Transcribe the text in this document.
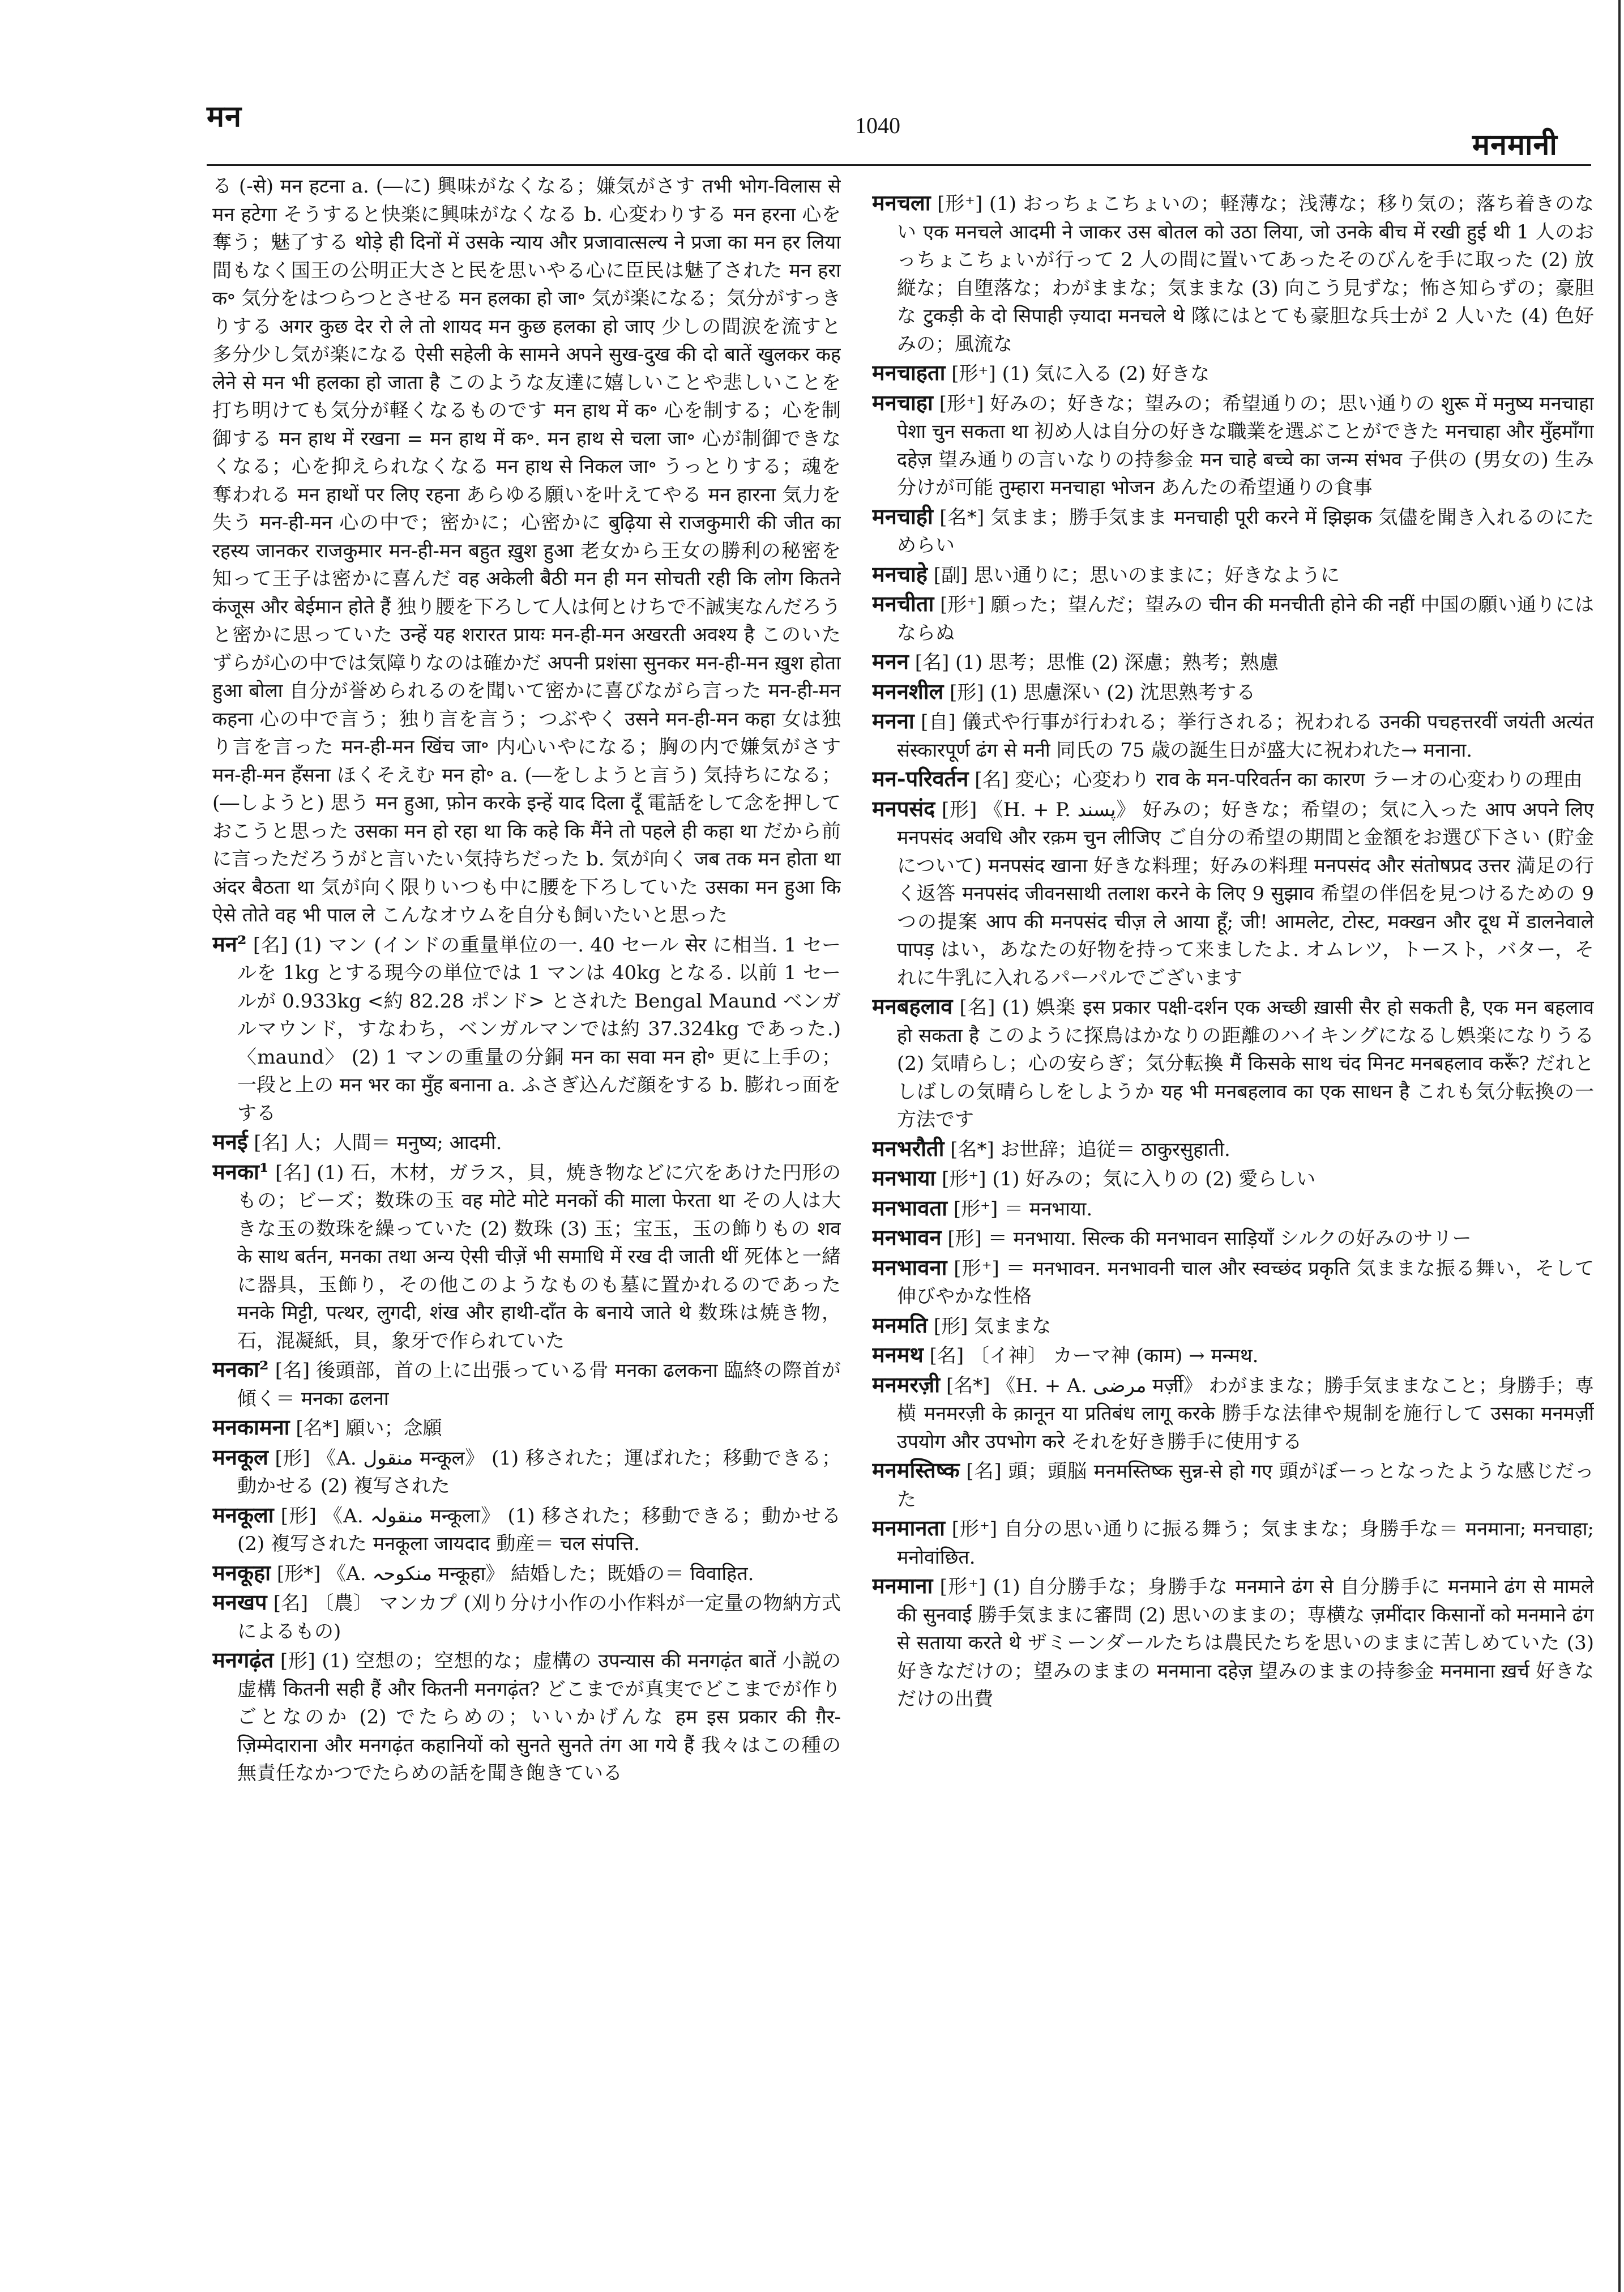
मन	1040
मनमानी

る (-से) मन हटना a. (―に) 興味がなくなる；嫌気がさす तभी भोग-विलास से मन हटेगा そうすると快楽に興味がなくなる b. 心変わりする मन हरना 心を奪う；魅了する थोड़े ही दिनों में उसके न्याय और प्रजावात्सल्य ने प्रजा का मन हर लिया 間もなく国王の公明正大さと民を思いやる心に臣民は魅了された मन हरा क॰ 気分をはつらつとさせる मन हलका हो जा॰ 気が楽になる；気分がすっきりする अगर कुछ देर रो ले तो शायद मन कुछ हलका हो जाए 少しの間涙を流すと多分少し気が楽になる ऐसी सहेली के सामने अपने सुख-दुख की दो बातें खुलकर कह लेने से मन भी हलका हो जाता है このような友達に嬉しいことや悲しいことを打ち明けても気分が軽くなるものです मन हाथ में क॰ 心を制する；心を制御する मन हाथ में रखना = मन हाथ में क॰. मन हाथ से चला जा॰ 心が制御できなくなる；心を抑えられなくなる मन हाथ से निकल जा॰ うっとりする；魂を奪われる मन हाथों पर लिए रहना あらゆる願いを叶えてやる मन हारना 気力を失う मन-ही-मन 心の中で；密かに；心密かに बुढ़िया से राजकुमारी की जीत का रहस्य जानकर राजकुमार मन-ही-मन बहुत ख़ुश हुआ 老女から王女の勝利の秘密を知って王子は密かに喜んだ वह अकेली बैठी मन ही मन सोचती रही कि लोग कितने कंजूस और बेईमान होते हैं 独り腰を下ろして人は何とけちで不誠実なんだろうと密かに思っていた उन्हें यह शरारत प्रायः मन-ही-मन अखरती अवश्य है このいたずらが心の中では気障りなのは確かだ अपनी प्रशंसा सुनकर मन-ही-मन ख़ुश होता हुआ बोला 自分が誉められるのを聞いて密かに喜びながら言った मन-ही-मन कहना 心の中で言う；独り言を言う；つぶやく उसने मन-ही-मन कहा 女は独り言を言った मन-ही-मन खिंच जा॰ 内心いやになる；胸の内で嫌気がさす मन-ही-मन हँसना ほくそえむ मन हो॰ a. (―をしようと言う) 気持ちになる；(―しようと) 思う मन हुआ, फ़ोन करके इन्हें याद दिला दूँ 電話をして念を押しておこうと思った उसका मन हो रहा था कि कहे कि मैंने तो पहले ही कहा था だから前に言っただろうがと言いたい気持ちだった b. 気が向く जब तक मन होता था अंदर बैठता था 気が向く限りいつも中に腰を下ろしていた उसका मन हुआ कि ऐसे तोते वह भी पाल ले こんなオウムを自分も飼いたいと思った

मन² [名] (1) マン (インドの重量単位の一. 40 セール सेर に相当. 1 セールを 1kg とする現今の単位では 1 マンは 40kg となる. 以前 1 セールが 0.933kg <約 82.28 ポンド> とされた Bengal Maund ベンガルマウンド，すなわち，ベンガルマンでは約 37.324kg であった.) 〈maund〉 (2) 1 マンの重量の分銅 मन का सवा मन हो॰ 更に上手の；一段と上の मन भर का मुँह बनाना a. ふさぎ込んだ顔をする b. 膨れっ面をする

मनई [名] 人；人間＝ मनुष्य; आदमी.

मनका¹ [名] (1) 石，木材，ガラス，貝，焼き物などに穴をあけた円形のもの；ビーズ；数珠の玉 वह मोटे मोटे मनकों की माला फेरता था その人は大きな玉の数珠を繰っていた (2) 数珠 (3) 玉；宝玉，玉の飾りもの शव के साथ बर्तन, मनका तथा अन्य ऐसी चीज़ें भी समाधि में रख दी जाती थीं 死体と一緒に器具，玉飾り，その他このようなものも墓に置かれるのであった मनके मिट्टी, पत्थर, लुगदी, शंख और हाथी-दाँत के बनाये जाते थे 数珠は焼き物，石，混凝紙，貝，象牙で作られていた

मनका² [名] 後頭部，首の上に出張っている骨 मनका ढलकना 臨終の際首が傾く＝ मनका ढलना

मनकामना [名*] 願い；念願

मनकूल [形] 《A. منقول मन्कूल》 (1) 移された；運ばれた；移動できる；動かせる (2) 複写された

मनकूला [形] 《A. منقولہ मन्कूला》 (1) 移された；移動できる；動かせる (2) 複写された मनकूला जायदाद 動産＝ चल संपत्ति.

मनकूहा [形*] 《A. منکوحہ मन्कूहा》 結婚した；既婚の＝ विवाहित.

मनखप [名] 〔農〕 マンカプ (刈り分け小作の小作料が一定量の物納方式によるもの)

मनगढ़ंत [形] (1) 空想の；空想的な；虚構の उपन्यास की मनगढ़ंत बातें 小説の虚構 कितनी सही हैं और कितनी मनगढ़ंत? どこまでが真実でどこまでが作りごとなのか (2) でたらめの；いいかげんな हम इस प्रकार की ग़ैर-ज़िम्मेदाराना और मनगढ़ंत कहानियों को सुनते सुनते तंग आ गये हैं 我々はこの種の無責任なかつでたらめの話を聞き飽きている

मनचला [形⁺] (1) おっちょこちょいの；軽薄な；浅薄な；移り気の；落ち着きのない एक मनचले आदमी ने जाकर उस बोतल को उठा लिया, जो उनके बीच में रखी हुई थी 1 人のおっちょこちょいが行って 2 人の間に置いてあったそのびんを手に取った (2) 放縦な；自堕落な；わがままな；気ままな (3) 向こう見ずな；怖さ知らずの；豪胆な टुकड़ी के दो सिपाही ज़्यादा मनचले थे 隊にはとても豪胆な兵士が 2 人いた (4) 色好みの；風流な

मनचाहता [形⁺] (1) 気に入る (2) 好きな

मनचाहा [形⁺] 好みの；好きな；望みの；希望通りの；思い通りの शुरू में मनुष्य मनचाहा पेशा चुन सकता था 初め人は自分の好きな職業を選ぶことができた मनचाहा और मुँहमाँगा दहेज़ 望み通りの言いなりの持参金 मन चाहे बच्चे का जन्म संभव 子供の (男女の) 生み分けが可能 तुम्हारा मनचाहा भोजन あんたの希望通りの食事

मनचाही [名*] 気まま；勝手気まま मनचाही पूरी करने में झिझक 気儘を聞き入れるのにためらい

मनचाहे [副] 思い通りに；思いのままに；好きなように

मनचीता [形⁺] 願った；望んだ；望みの चीन की मनचीती होने की नहीं 中国の願い通りにはならぬ

मनन [名] (1) 思考；思惟 (2) 深慮；熟考；熟慮

मननशील [形] (1) 思慮深い (2) 沈思熟考する

मनना [自] 儀式や行事が行われる；挙行される；祝われる उनकी पचहत्तरवीं जयंती अत्यंत संस्कारपूर्ण ढंग से मनी 同氏の 75 歳の誕生日が盛大に祝われた→ मनाना.

मन-परिवर्तन [名] 変心；心変わり राव के मन-परिवर्तन का कारण ラーオの心変わりの理由

मनपसंद [形] 《H. + P. پسند》 好みの；好きな；希望の；気に入った आप अपने लिए मनपसंद अवधि और रक़म चुन लीजिए ご自分の希望の期間と金額をお選び下さい (貯金について) मनपसंद खाना 好きな料理；好みの料理 मनपसंद और संतोषप्रद उत्तर 満足の行く返答 मनपसंद जीवनसाथी तलाश करने के लिए 9 सुझाव 希望の伴侶を見つけるための 9 つの提案 आप की मनपसंद चीज़ ले आया हूँ; जी! आमलेट, टोस्ट, मक्खन और दूध में डालनेवाले पापड़ はい，あなたの好物を持って来ましたよ. オムレツ，トースト，バター，それに牛乳に入れるパーパルでございます

मनबहलाव [名] (1) 娯楽 इस प्रकार पक्षी-दर्शन एक अच्छी ख़ासी सैर हो सकती है, एक मन बहलाव हो सकता है このように探鳥はかなりの距離のハイキングになるし娯楽になりうる (2) 気晴らし；心の安らぎ；気分転換 मैं किसके साथ चंद मिनट मनबहलाव करूँ? だれとしばしの気晴らしをしようか यह भी मनबहलाव का एक साधन है これも気分転換の一方法です

मनभरौती [名*] お世辞；追従＝ ठाकुरसुहाती.

मनभाया [形⁺] (1) 好みの；気に入りの (2) 愛らしい

मनभावता [形⁺] ＝ मनभाया.

मनभावन [形] ＝ मनभाया. सिल्क की मनभावन साड़ियाँ シルクの好みのサリー

मनभावना [形⁺] ＝ मनभावन. मनभावनी चाल और स्वच्छंद प्रकृति 気ままな振る舞い，そして伸びやかな性格

मनमति [形] 気ままな

मनमथ [名] 〔イ神〕 カーマ神 (काम) → मन्मथ.

मनमरज़ी [名*] 《H. + A. مرضی मर्ज़ी》 わがままな；勝手気ままなこと；身勝手；専横 मनमरज़ी के क़ानून या प्रतिबंध लागू करके 勝手な法律や規制を施行して उसका मनमर्ज़ी उपयोग और उपभोग करे それを好き勝手に使用する

मनमस्तिष्क [名] 頭；頭脳 मनमस्तिष्क सुन्न-से हो गए 頭がぼーっとなったような感じだった

मनमानता [形⁺] 自分の思い通りに振る舞う；気ままな；身勝手な＝ मनमाना; मनचाहा; मनोवांछित.

मनमाना [形⁺] (1) 自分勝手な；身勝手な मनमाने ढंग से 自分勝手に मनमाने ढंग से मामले की सुनवाई 勝手気ままに審問 (2) 思いのままの；専横な ज़मींदार किसानों को मनमाने ढंग से सताया करते थे ザミーンダールたちは農民たちを思いのままに苦しめていた (3) 好きなだけの；望みのままの मनमाना दहेज़ 望みのままの持参金 मनमाना ख़र्च 好きなだけの出費
